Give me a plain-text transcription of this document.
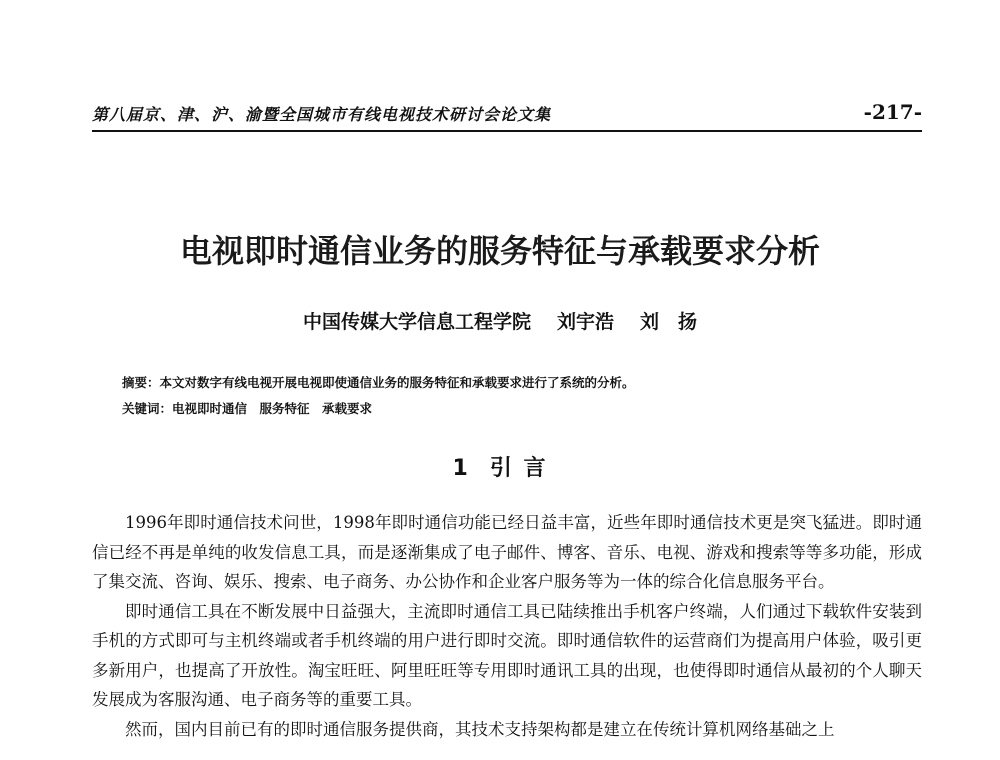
第八届京、津、沪、渝暨全国城市有线电视技术研讨会论文集	-217-
电视即时通信业务的服务特征与承载要求分析
中国传媒大学信息工程学院 刘宇浩 刘　扬
摘要：本文对数字有线电视开展电视即使通信业务的服务特征和承载要求进行了系统的分析。
关键词：电视即时通信　服务特征　承载要求
1 引 言

1996年即时通信技术问世，1998年即时通信功能已经日益丰富，近些年即时通信技术更是突飞猛进。即时通信已经不再是单纯的收发信息工具，而是逐渐集成了电子邮件、博客、音乐、电视、游戏和搜索等等多功能，形成了集交流、咨询、娱乐、搜索、电子商务、办公协作和企业客户服务等为一体的综合化信息服务平台。

即时通信工具在不断发展中日益强大，主流即时通信工具已陆续推出手机客户终端，人们通过下载软件安装到手机的方式即可与主机终端或者手机终端的用户进行即时交流。即时通信软件的运营商们为提高用户体验，吸引更多新用户，也提高了开放性。淘宝旺旺、阿里旺旺等专用即时通讯工具的出现，也使得即时通信从最初的个人聊天发展成为客服沟通、电子商务等的重要工具。

然而，国内目前已有的即时通信服务提供商，其技术支持架构都是建立在传统计算机网络基础之上
